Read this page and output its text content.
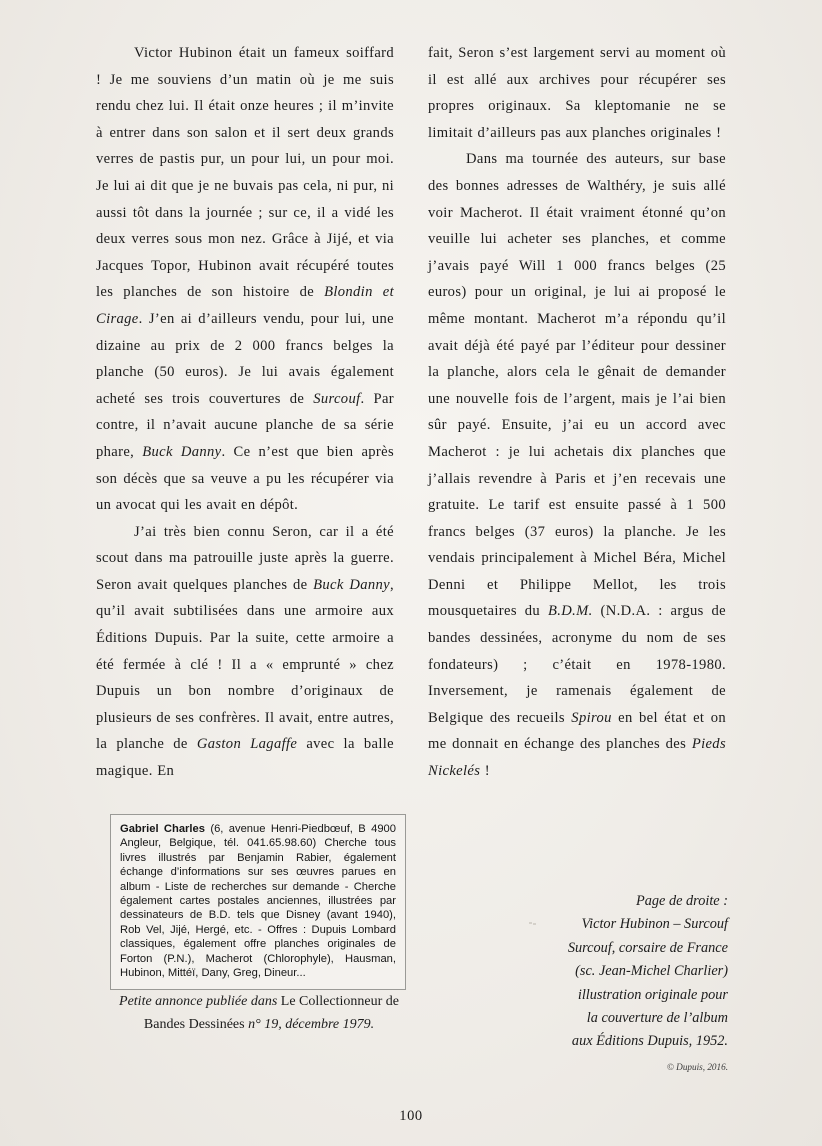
Victor Hubinon était un fameux soiffard ! Je me souviens d’un matin où je me suis rendu chez lui. Il était onze heures ; il m’invite à entrer dans son salon et il sert deux grands verres de pastis pur, un pour lui, un pour moi. Je lui ai dit que je ne buvais pas cela, ni pur, ni aussi tôt dans la journée ; sur ce, il a vidé les deux verres sous mon nez. Grâce à Jijé, et via Jacques Topor, Hubinon avait récupéré toutes les planches de son histoire de Blondin et Cirage. J’en ai d’ailleurs vendu, pour lui, une dizaine au prix de 2 000 francs belges la planche (50 euros). Je lui avais également acheté ses trois couvertures de Surcouf. Par contre, il n’avait aucune planche de sa série phare, Buck Danny. Ce n’est que bien après son décès que sa veuve a pu les récupérer via un avocat qui les avait en dépôt.

J’ai très bien connu Seron, car il a été scout dans ma patrouille juste après la guerre. Seron avait quelques planches de Buck Danny, qu’il avait subtilisées dans une armoire aux Éditions Dupuis. Par la suite, cette armoire a été fermée à clé ! Il a « emprunté » chez Dupuis un bon nombre d’originaux de plusieurs de ses confrères. Il avait, entre autres, la planche de Gaston Lagaffe avec la balle magique. En

fait, Seron s’est largement servi au moment où il est allé aux archives pour récupérer ses propres originaux. Sa kleptomanie ne se limitait d’ailleurs pas aux planches originales !

Dans ma tournée des auteurs, sur base des bonnes adresses de Walthéry, je suis allé voir Macherot. Il était vraiment étonné qu’on veuille lui acheter ses planches, et comme j’avais payé Will 1 000 francs belges (25 euros) pour un original, je lui ai proposé le même montant. Macherot m’a répondu qu’il avait déjà été payé par l’éditeur pour dessiner la planche, alors cela le gênait de demander une nouvelle fois de l’argent, mais je l’ai bien sûr payé. Ensuite, j’ai eu un accord avec Macherot : je lui achetais dix planches que j’allais revendre à Paris et j’en recevais une gratuite. Le tarif est ensuite passé à 1 500 francs belges (37 euros) la planche. Je les vendais principalement à Michel Béra, Michel Denni et Philippe Mellot, les trois mousquetaires du B.D.M. (N.D.A. : argus de bandes dessinées, acronyme du nom de ses fondateurs) ; c’était en 1978-1980. Inversement, je ramenais également de Belgique des recueils Spirou en bel état et on me donnait en échange des planches des Pieds Nickelés !

Gabriel Charles (6, avenue Henri-Piedbœuf, B 4900 Angleur, Belgique, tél. 041.65.98.60) Cherche tous livres illustrés par Benjamin Rabier, également échange d’informations sur ses œuvres parues en album - Liste de recherches sur demande - Cherche également cartes postales anciennes, illustrées par dessinateurs de B.D. tels que Disney (avant 1940), Rob Vel, Jijé, Hergé, etc. - Offres : Dupuis Lombard classiques, également offre planches originales de Forton (P.N.), Macherot (Chlorophyle), Hausman, Hubinon, Mittéï, Dany, Greg, Dineur...

Petite annonce publiée dans Le Collectionneur de Bandes Dessinées n° 19, décembre 1979.
Page de droite :
Victor Hubinon – Surcouf
Surcouf, corsaire de France
(sc. Jean-Michel Charlier)
illustration originale pour
la couverture de l’album
aux Éditions Dupuis, 1952.
© Dupuis, 2016.
100
